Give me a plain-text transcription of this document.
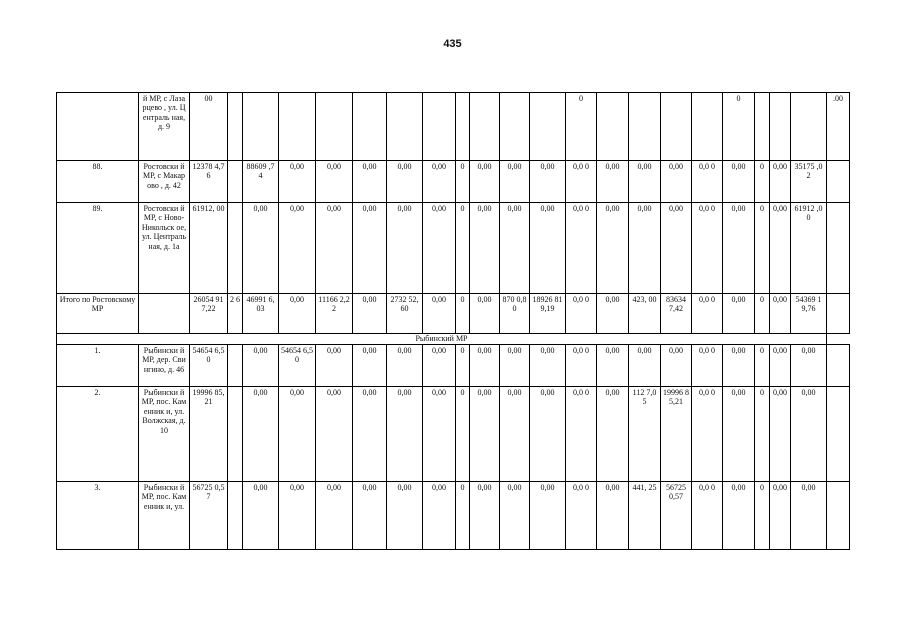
435
	й МР, с Лазарцево , ул. Централь ная, д. 9	00												0					0				.00
88.	Ростовски й МР, с Макарово , д. 42	12378 4,76		88609 ,74	0,00	0,00	0,00	0,00	0,00	0	0,00	0,00	0,00	0,0 0	0,00	0,00	0,00	0,0 0	0,00	0	0,00	35175 ,02	
89.	Ростовски й МР, с Ново- Никольск ое, ул. Централь ная, д. 1а	61912, 00		0,00	0,00	0,00	0,00	0,00	0,00	0	0,00	0,00	0,00	0,0 0	0,00	0,00	0,00	0,0 0	0,00	0	0,00	61912 ,00	
Итого по Ростовскому МР		26054 917,22	2 6	46991 6,03	0,00	11166 2,22	0,00	2732 52,60	0,00	0	0,00	870 0,80	18926 819,19	0,0 0	0,00	423, 00	83634 7,42	0,0 0	0,00	0	0,00	54369 19,76	
Рыбинский МР																							
1.	Рыбински й МР, дер. Свингино, д. 46	54654 6,50		0,00	54654 6,50	0,00	0,00	0,00	0,00	0	0,00	0,00	0,00	0,0 0	0,00	0,00	0,00	0,0 0	0,00	0	0,00	0,00	
2.	Рыбински й МР, пос. Каменник и, ул. Волжская, д. 10	19996 85,21		0,00	0,00	0,00	0,00	0,00	0,00	0	0,00	0,00	0,00	0,0 0	0,00	112 7,05	19996 85,21	0,0 0	0,00	0	0,00	0,00	
3.	Рыбински й МР, пос. Каменник и, ул.	56725 0,57		0,00	0,00	0,00	0,00	0,00	0,00	0	0,00	0,00	0,00	0,0 0	0,00	441, 25	56725 0,57	0,0 0	0,00	0	0,00	0,00	
